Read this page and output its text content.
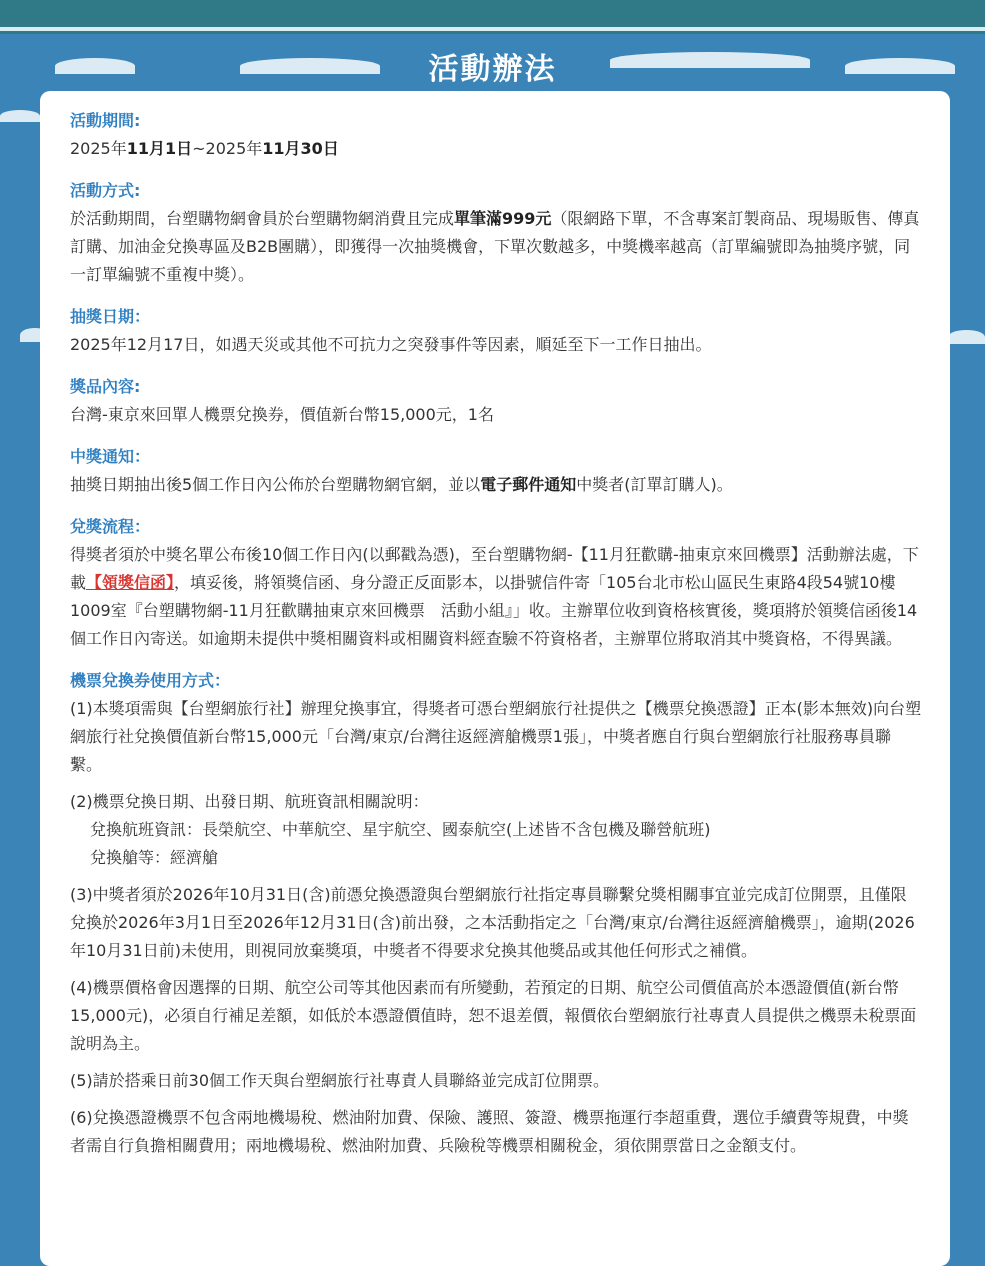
活動辦法
活動期間:
2025年11月1日~2025年11月30日
活動方式:
於活動期間，台塑購物網會員於台塑購物網消費且完成單筆滿999元（限網路下單，不含專案訂製商品、現場販售、傳真訂購、加油金兌換專區及B2B團購），即獲得一次抽獎機會，下單次數越多，中獎機率越高（訂單編號即為抽獎序號，同一訂單編號不重複中獎）。
抽獎日期：
2025年12月17日，如遇天災或其他不可抗力之突發事件等因素，順延至下一工作日抽出。
獎品內容:
台灣-東京來回單人機票兌換券，價值新台幣15,000元，1名
中獎通知：
抽獎日期抽出後5個工作日內公佈於台塑購物網官網，並以電子郵件通知中獎者(訂單訂購人)。
兌獎流程：
得獎者須於中獎名單公布後10個工作日內(以郵戳為憑)，至台塑購物網-【11月狂歡購-抽東京來回機票】活動辦法處，下載【領獎信函】，填妥後，將領獎信函、身分證正反面影本，以掛號信件寄「105台北市松山區民生東路4段54號10樓1009室『台塑購物網-11月狂歡購抽東京來回機票　活動小組』」收。主辦單位收到資格核實後，獎項將於領獎信函後14個工作日內寄送。如逾期未提供中獎相關資料或相關資料經查驗不符資格者，主辦單位將取消其中獎資格，不得異議。
機票兌換券使用方式：
(1)本獎項需與【台塑網旅行社】辦理兌換事宜，得獎者可憑台塑網旅行社提供之【機票兌換憑證】正本(影本無效)向台塑網旅行社兌換價值新台幣15,000元「台灣/東京/台灣往返經濟艙機票1張」，中獎者應自行與台塑網旅行社服務專員聯繫。
(2)機票兌換日期、出發日期、航班資訊相關說明：
兌換航班資訊：長榮航空、中華航空、星宇航空、國泰航空(上述皆不含包機及聯營航班)
兌換艙等：經濟艙
(3)中獎者須於2026年10月31日(含)前憑兌換憑證與台塑網旅行社指定專員聯繫兌獎相關事宜並完成訂位開票，且僅限兌換於2026年3月1日至2026年12月31日(含)前出發，之本活動指定之「台灣/東京/台灣往返經濟艙機票」，逾期(2026年10月31日前)未使用，則視同放棄獎項，中獎者不得要求兌換其他獎品或其他任何形式之補償。
(4)機票價格會因選擇的日期、航空公司等其他因素而有所變動，若預定的日期、航空公司價值高於本憑證價值(新台幣15,000元)，必須自行補足差額，如低於本憑證價值時，恕不退差價，報價依台塑網旅行社專責人員提供之機票未稅票面說明為主。
(5)請於搭乘日前30個工作天與台塑網旅行社專責人員聯絡並完成訂位開票。
(6)兌換憑證機票不包含兩地機場稅、燃油附加費、保險、護照、簽證、機票拖運行李超重費，選位手續費等規費，中獎者需自行負擔相關費用；兩地機場稅、燃油附加費、兵險稅等機票相關稅金，須依開票當日之金額支付。
